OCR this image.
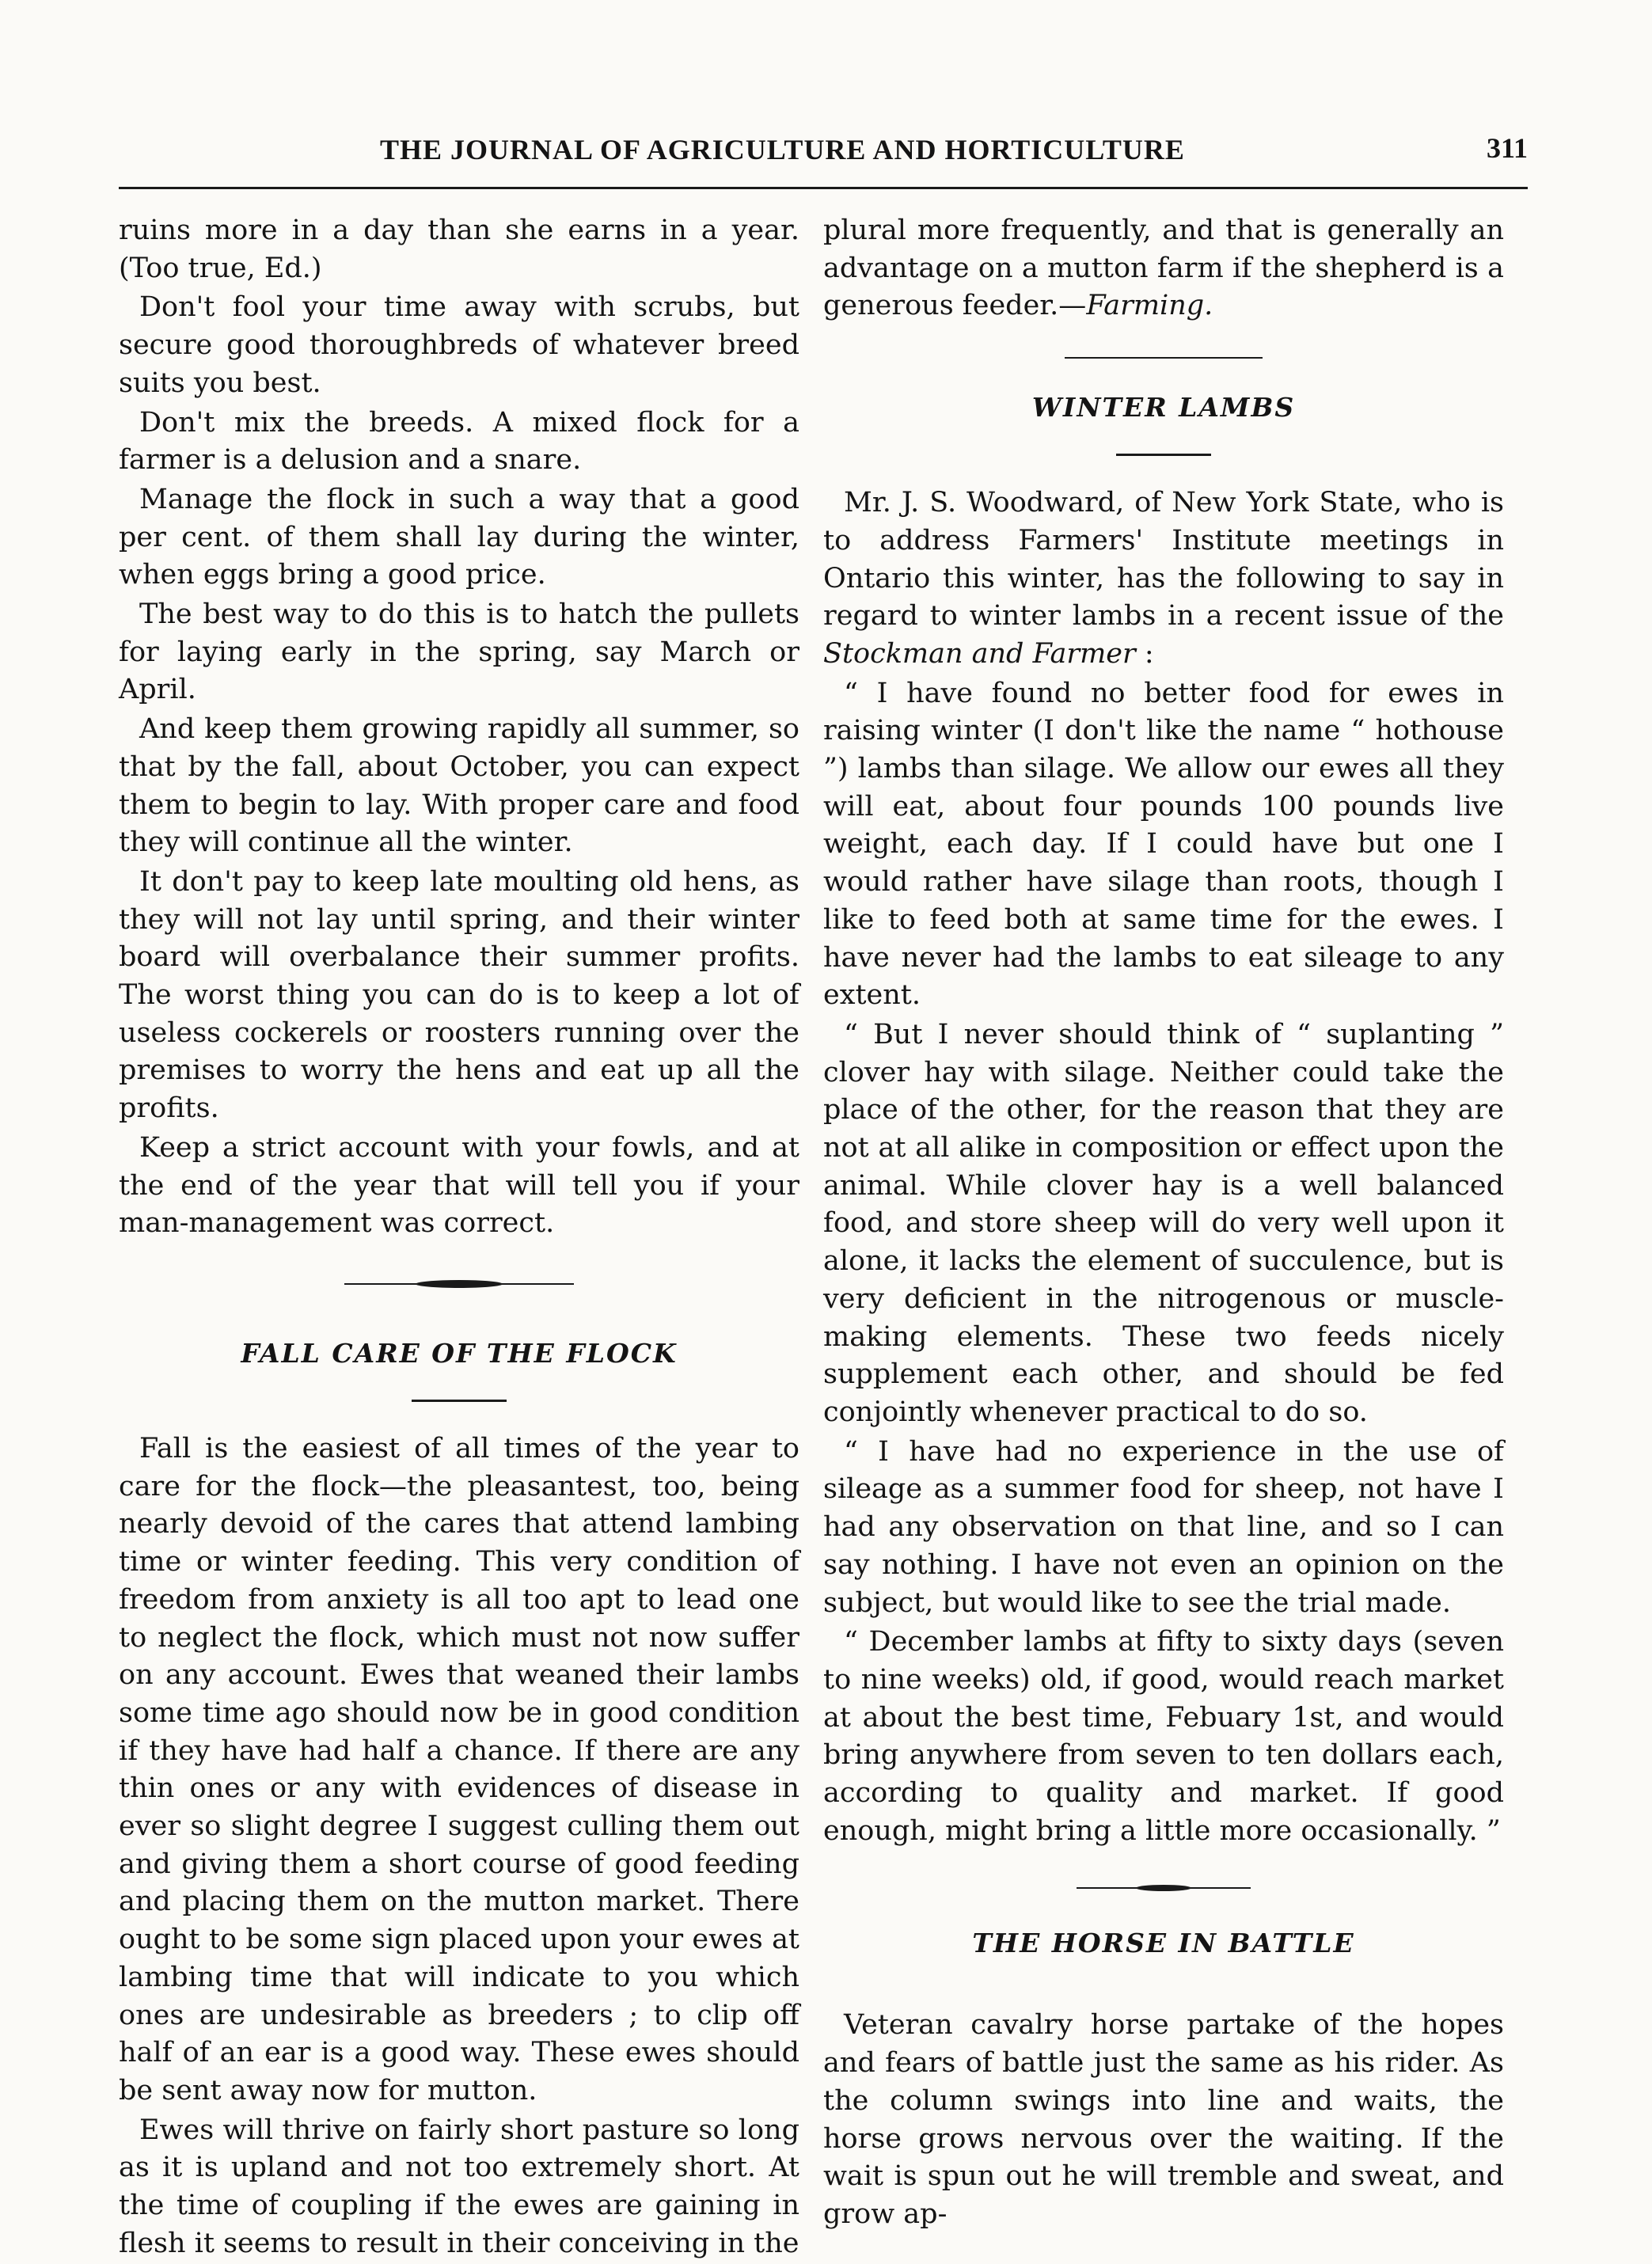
THE JOURNAL OF AGRICULTURE AND HORTICULTURE	311

ruins more in a day than she earns in a year. (Too true, Ed.)

Don't fool your time away with scrubs, but secure good thoroughbreds of whatever breed suits you best.

Don't mix the breeds. A mixed flock for a farmer is a delusion and a snare.

Manage the flock in such a way that a good per cent. of them shall lay during the winter, when eggs bring a good price.

The best way to do this is to hatch the pullets for laying early in the spring, say March or April.

And keep them growing rapidly all summer, so that by the fall, about October, you can expect them to begin to lay. With proper care and food they will continue all the winter.

It don't pay to keep late moulting old hens, as they will not lay until spring, and their winter board will overbalance their summer profits. The worst thing you can do is to keep a lot of useless cockerels or roosters running over the premises to worry the hens and eat up all the profits.

Keep a strict account with your fowls, and at the end of the year that will tell you if your man-management was correct.

FALL CARE OF THE FLOCK

Fall is the easiest of all times of the year to care for the flock—the pleasantest, too, being nearly devoid of the cares that attend lambing time or winter feeding. This very condition of freedom from anxiety is all too apt to lead one to neglect the flock, which must not now suffer on any account. Ewes that weaned their lambs some time ago should now be in good condition if they have had half a chance. If there are any thin ones or any with evidences of disease in ever so slight degree I suggest culling them out and giving them a short course of good feeding and placing them on the mutton market. There ought to be some sign placed upon your ewes at lambing time that will indicate to you which ones are undesirable as breeders ; to clip off half of an ear is a good way. These ewes should be sent away now for mutton.

Ewes will thrive on fairly short pasture so long as it is upland and not too extremely short. At the time of coupling if the ewes are gaining in flesh it seems to result in their conceiving in the

plural more frequently, and that is generally an advantage on a mutton farm if the shepherd is a generous feeder.—Farming.

WINTER LAMBS

Mr. J. S. Woodward, of New York State, who is to address Farmers' Institute meetings in Ontario this winter, has the following to say in regard to winter lambs in a recent issue of the Stockman and Farmer :

“ I have found no better food for ewes in raising winter (I don't like the name “ hothouse ”) lambs than silage. We allow our ewes all they will eat, about four pounds 100 pounds live weight, each day. If I could have but one I would rather have silage than roots, though I like to feed both at same time for the ewes. I have never had the lambs to eat sileage to any extent.

“ But I never should think of “ suplanting ” clover hay with silage. Neither could take the place of the other, for the reason that they are not at all alike in composition or effect upon the animal. While clover hay is a well balanced food, and store sheep will do very well upon it alone, it lacks the element of succulence, but is very deficient in the nitrogenous or muscle-making elements. These two feeds nicely supplement each other, and should be fed conjointly whenever practical to do so.

“ I have had no experience in the use of sileage as a summer food for sheep, not have I had any observation on that line, and so I can say nothing. I have not even an opinion on the subject, but would like to see the trial made.

“ December lambs at fifty to sixty days (seven to nine weeks) old, if good, would reach market at about the best time, Febuary 1st, and would bring anywhere from seven to ten dollars each, according to quality and market. If good enough, might bring a little more occasionally. ”

THE HORSE IN BATTLE

Veteran cavalry horse partake of the hopes and fears of battle just the same as his rider. As the column swings into line and waits, the horse grows nervous over the waiting. If the wait is spun out he will tremble and sweat, and grow ap-
